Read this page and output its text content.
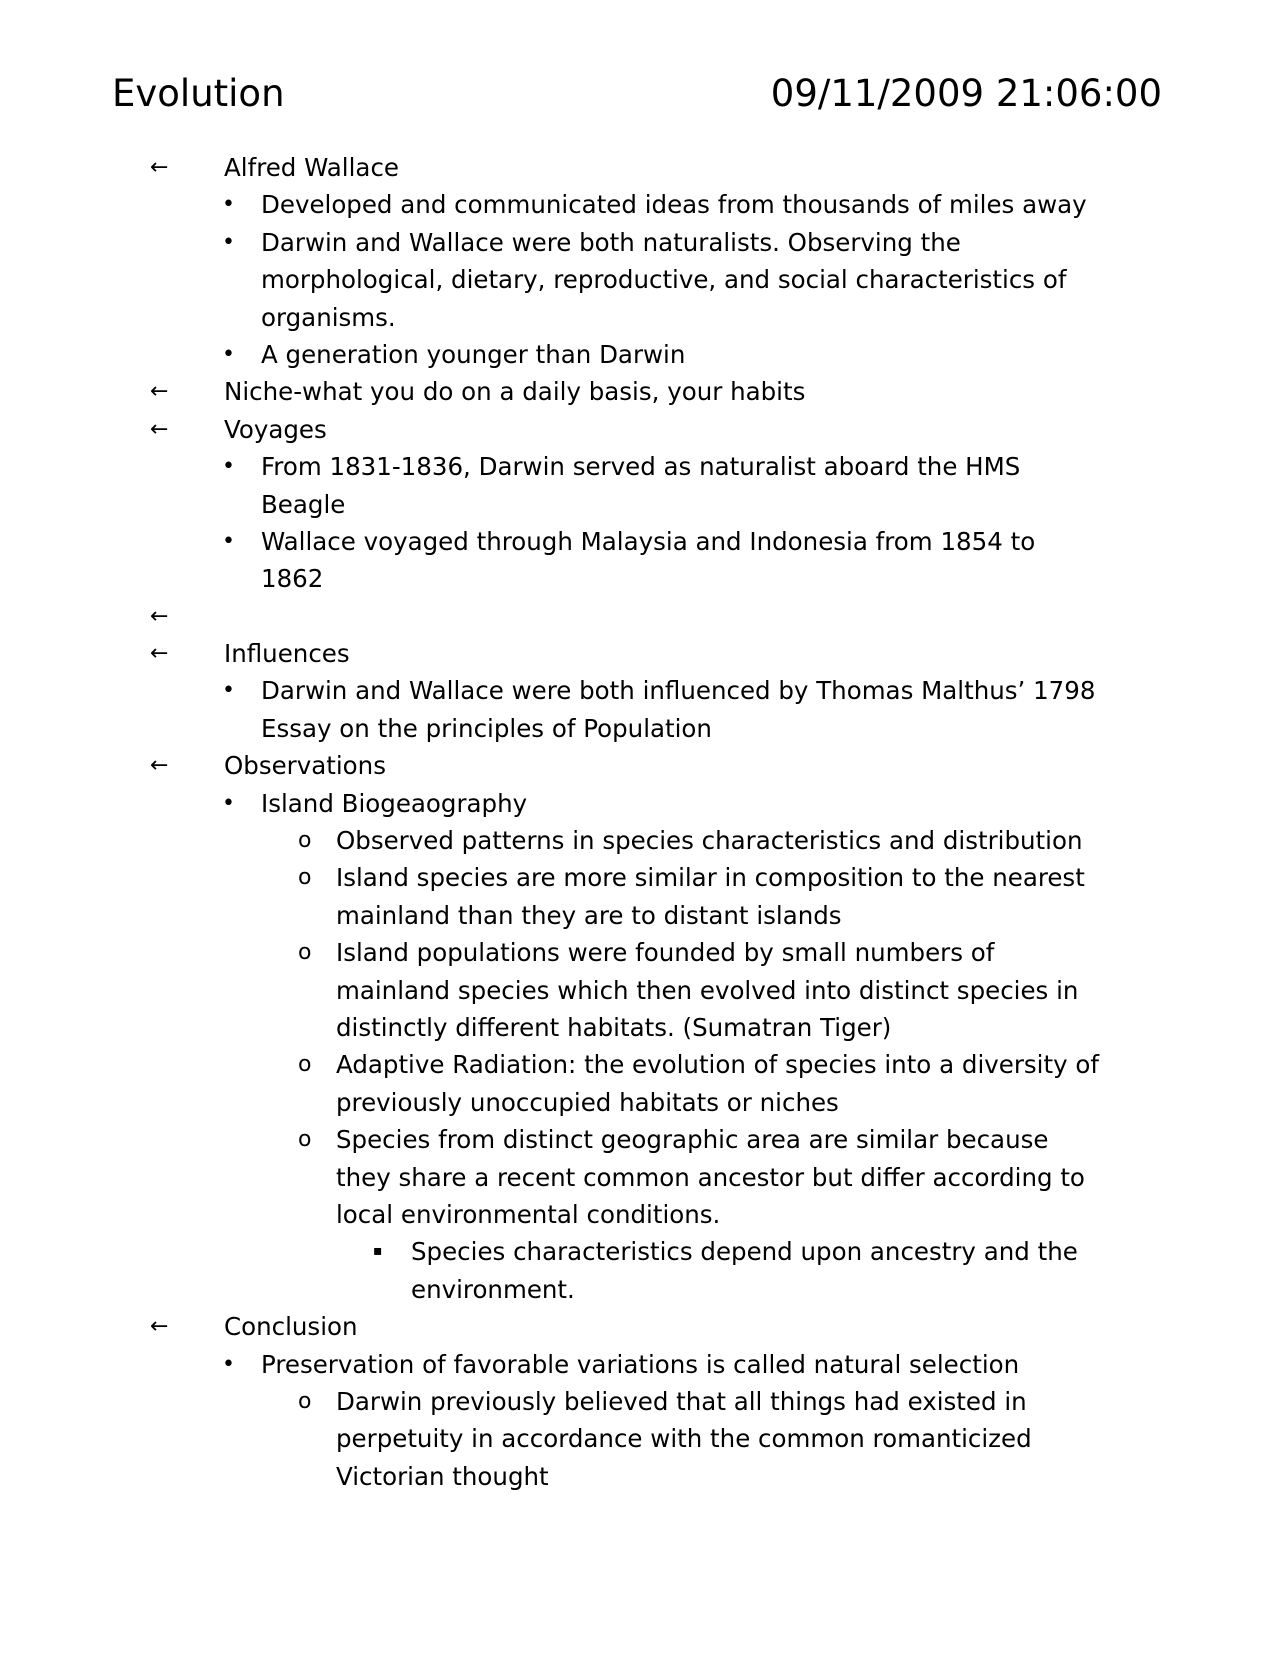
Evolution	09/11/2009 21:06:00
← Alfred Wallace
• Developed and communicated ideas from thousands of miles away
• Darwin and Wallace were both naturalists. Observing the
morphological, dietary, reproductive, and social characteristics of
organisms.
• A generation younger than Darwin
← Niche-what you do on a daily basis, your habits
← Voyages
• From 1831-1836, Darwin served as naturalist aboard the HMS
Beagle
• Wallace voyaged through Malaysia and Indonesia from 1854 to
1862
←
← Influences
• Darwin and Wallace were both influenced by Thomas Malthus’ 1798
Essay on the principles of Population
← Observations
• Island Biogeaography
o Observed patterns in species characteristics and distribution
o Island species are more similar in composition to the nearest
mainland than they are to distant islands
o Island populations were founded by small numbers of
mainland species which then evolved into distinct species in
distinctly different habitats. (Sumatran Tiger)
o Adaptive Radiation: the evolution of species into a diversity of
previously unoccupied habitats or niches
o Species from distinct geographic area are similar because
they share a recent common ancestor but differ according to
local environmental conditions.
▪ Species characteristics depend upon ancestry and the
environment.
← Conclusion
• Preservation of favorable variations is called natural selection
o Darwin previously believed that all things had existed in
perpetuity in accordance with the common romanticized
Victorian thought
